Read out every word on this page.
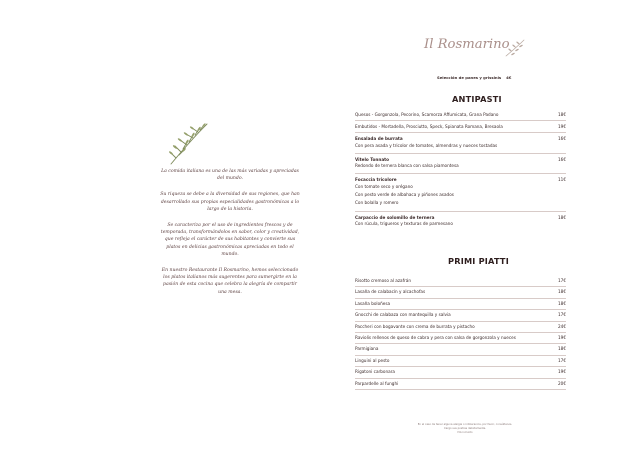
La comida italiana es una de las más variadas y apreciadas del mundo.

Su riqueza se debe a la diversidad de sus regiones, que han desarrollado sus propias especialidades gastronómicas a lo largo de la historia.

Se caracteriza por el uso de ingredientes frescos y de temporada, transformándolos en sabor, color y creatividad, que refleja el carácter de sus habitantes y convierte sus platos en delicias gastronómicas apreciadas en todo el mundo.

En nuestro Restaurante Il Rosmarino, hemos seleccionado los platos italianos más sugerentes para sumergirte en la pasión de esta cocina que celebra la alegría de compartir una mesa.

Il Rosmarino
Selección de panes y grissinis 4€
ANTIPASTI
Quesos - Gorgonzola, Pecorino, Scamorza Affumicata, Grana Padano	18€
Embutidos - Mortadella, Prosciutto, Speck, Spianata Romana, Bresaola	19€
Ensalada de burrata	16€
Con pera asada y tricolor de tomates, almendras y nueces tostadas
Vitelo Tonnato	16€
Redondo de ternera blanca con salsa piamontesa
Focaccia tricolore	11€
Con tomate seco y orégano
Con pesto verde de albahaca y piñones asados
Con bolalla y romero
Carpaccio de solomillo de ternera	18€
Con rúcula, trigueros y texturas de parmesano
PRIMI PIATTI
Risotto cremoso al azafrán	17€
Lasaña de calabacín y alcachofas	18€
Lasaña boloñesa	18€
Gnocchi de calabaza con mantequilla y salvia	17€
Paccheri con bogavante con crema de burrata y pistacho	24€
Raviolis rellenos de queso de cabra y pera con salsa de gorgonzola y nueces	19€
Parmigiana	18€
Linguini al pesto	17€
Rigatoni carbonara	19€
Parpardelle al funghi	20€
En el caso de tener alguna alergia o intolerancia, por favor, consúltenos.
Cargo sus postres debidamente.
IVA incluido
